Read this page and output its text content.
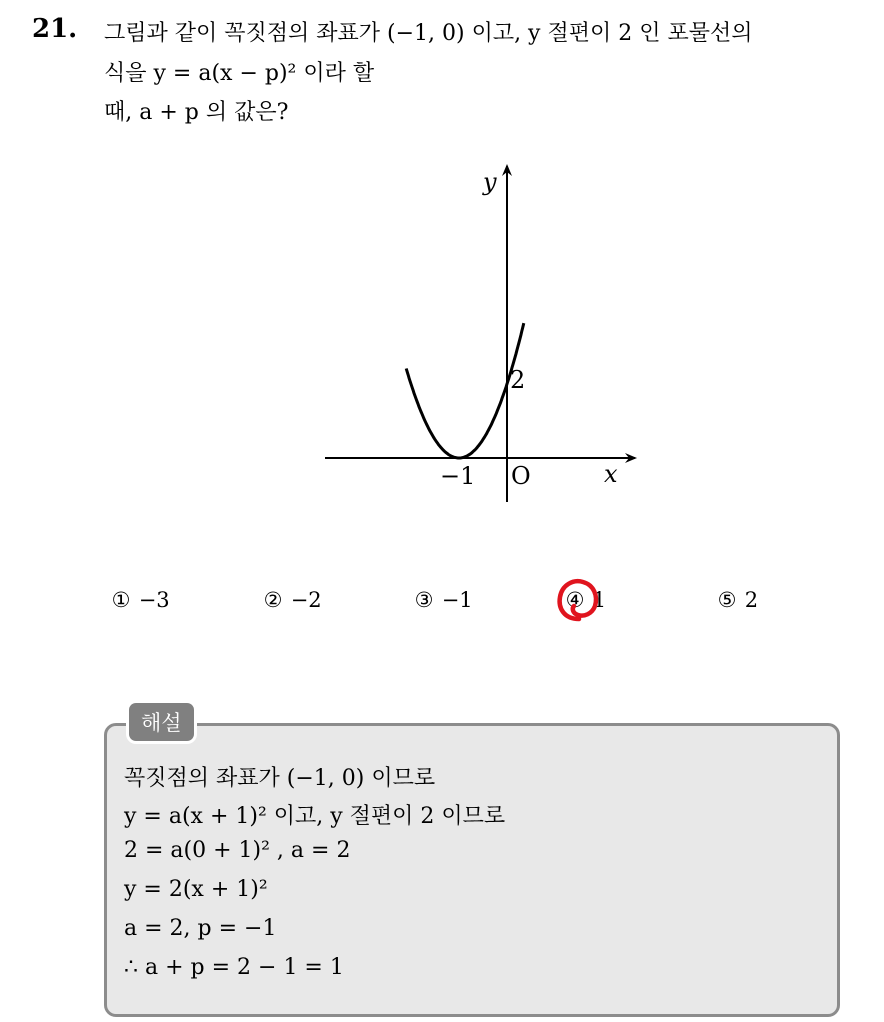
21. 그림과 같이 꼭짓점의 좌표가 (−1, 0) 이고, y 절편이 2 인 포물선의
식을 y = a(x − p)² 이라 할
때, a + p 의 값은?
y
x
O
−1
2
① −3	② −2	③ −1	④ 1	⑤ 2
해설
꼭짓점의 좌표가 (−1, 0) 이므로
y = a(x + 1)² 이고, y 절편이 2 이므로
2 = a(0 + 1)² , a = 2
y = 2(x + 1)²
a = 2, p = −1
∴ a + p = 2 − 1 = 1
